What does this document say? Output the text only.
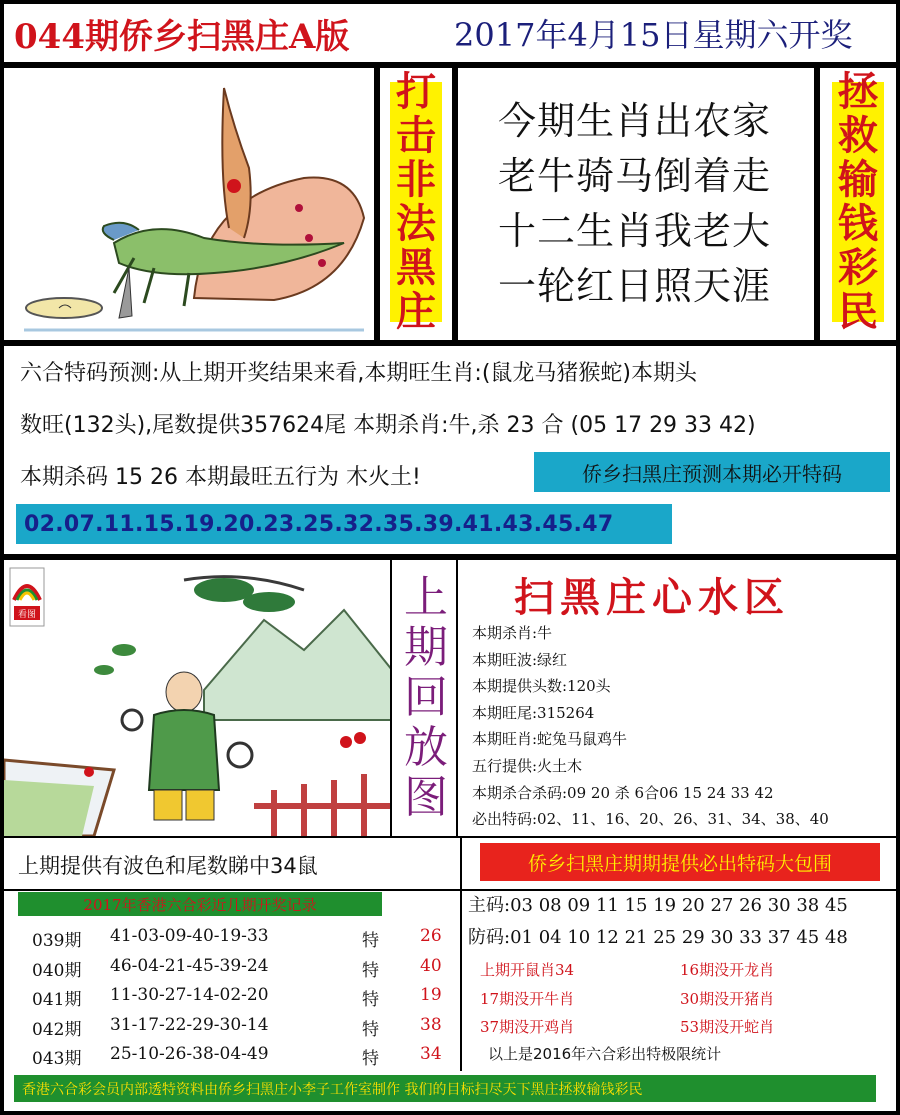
044期侨乡扫黑庄A版	2017年4月15日星期六开奖
打
击
非
法
黑
庄
今期生肖出农家
老牛骑马倒着走
十二生肖我老大
一轮红日照天涯
拯
救
输
钱
彩
民
六合特码预测:从上期开奖结果来看,本期旺生肖:(鼠龙马猪猴蛇)本期头
数旺(132头),尾数提供357624尾 本期杀肖:牛,杀 23 合 (05 17 29 33 42)
本期杀码 15 26 本期最旺五行为 木火土!	侨乡扫黑庄预测本期必开特码
02.07.11.15.19.20.23.25.32.35.39.41.43.45.47
看图	上
期
回
放
图
扫黑庄心水区
本期杀肖:牛
本期旺波:绿红
本期提供头数:120头
本期旺尾:315264
本期旺肖:蛇兔马鼠鸡牛
五行提供:火土木
本期杀合杀码:09 20 杀 6合06 15 24 33 42
必出特码:02、11、16、20、26、31、34、38、40
上期提供有波色和尾数睇中34鼠	侨乡扫黑庄期期提供必出特码大包围
2017年香港六合彩近几期开奖记录	主码:03 08 09 11 15 19 20 27 26 30 38 45
防码:01 04 10 12 21 25 29 30 33 37 45 48
039期 41-03-09-40-19-33	特 26
040期 46-04-21-45-39-24	特 40
041期 11-30-27-14-02-20	特 19
042期 31-17-22-29-30-14	特 38
043期 25-10-26-38-04-49	特 34
上期开鼠肖34	16期没开龙肖
17期没开牛肖	30期没开猪肖
37期没开鸡肖	53期没开蛇肖
以上是2016年六合彩出特极限统计
香港六合彩会员内部透特资料由侨乡扫黑庄小李子工作室制作 我们的目标扫尽天下黑庄拯救输钱彩民
